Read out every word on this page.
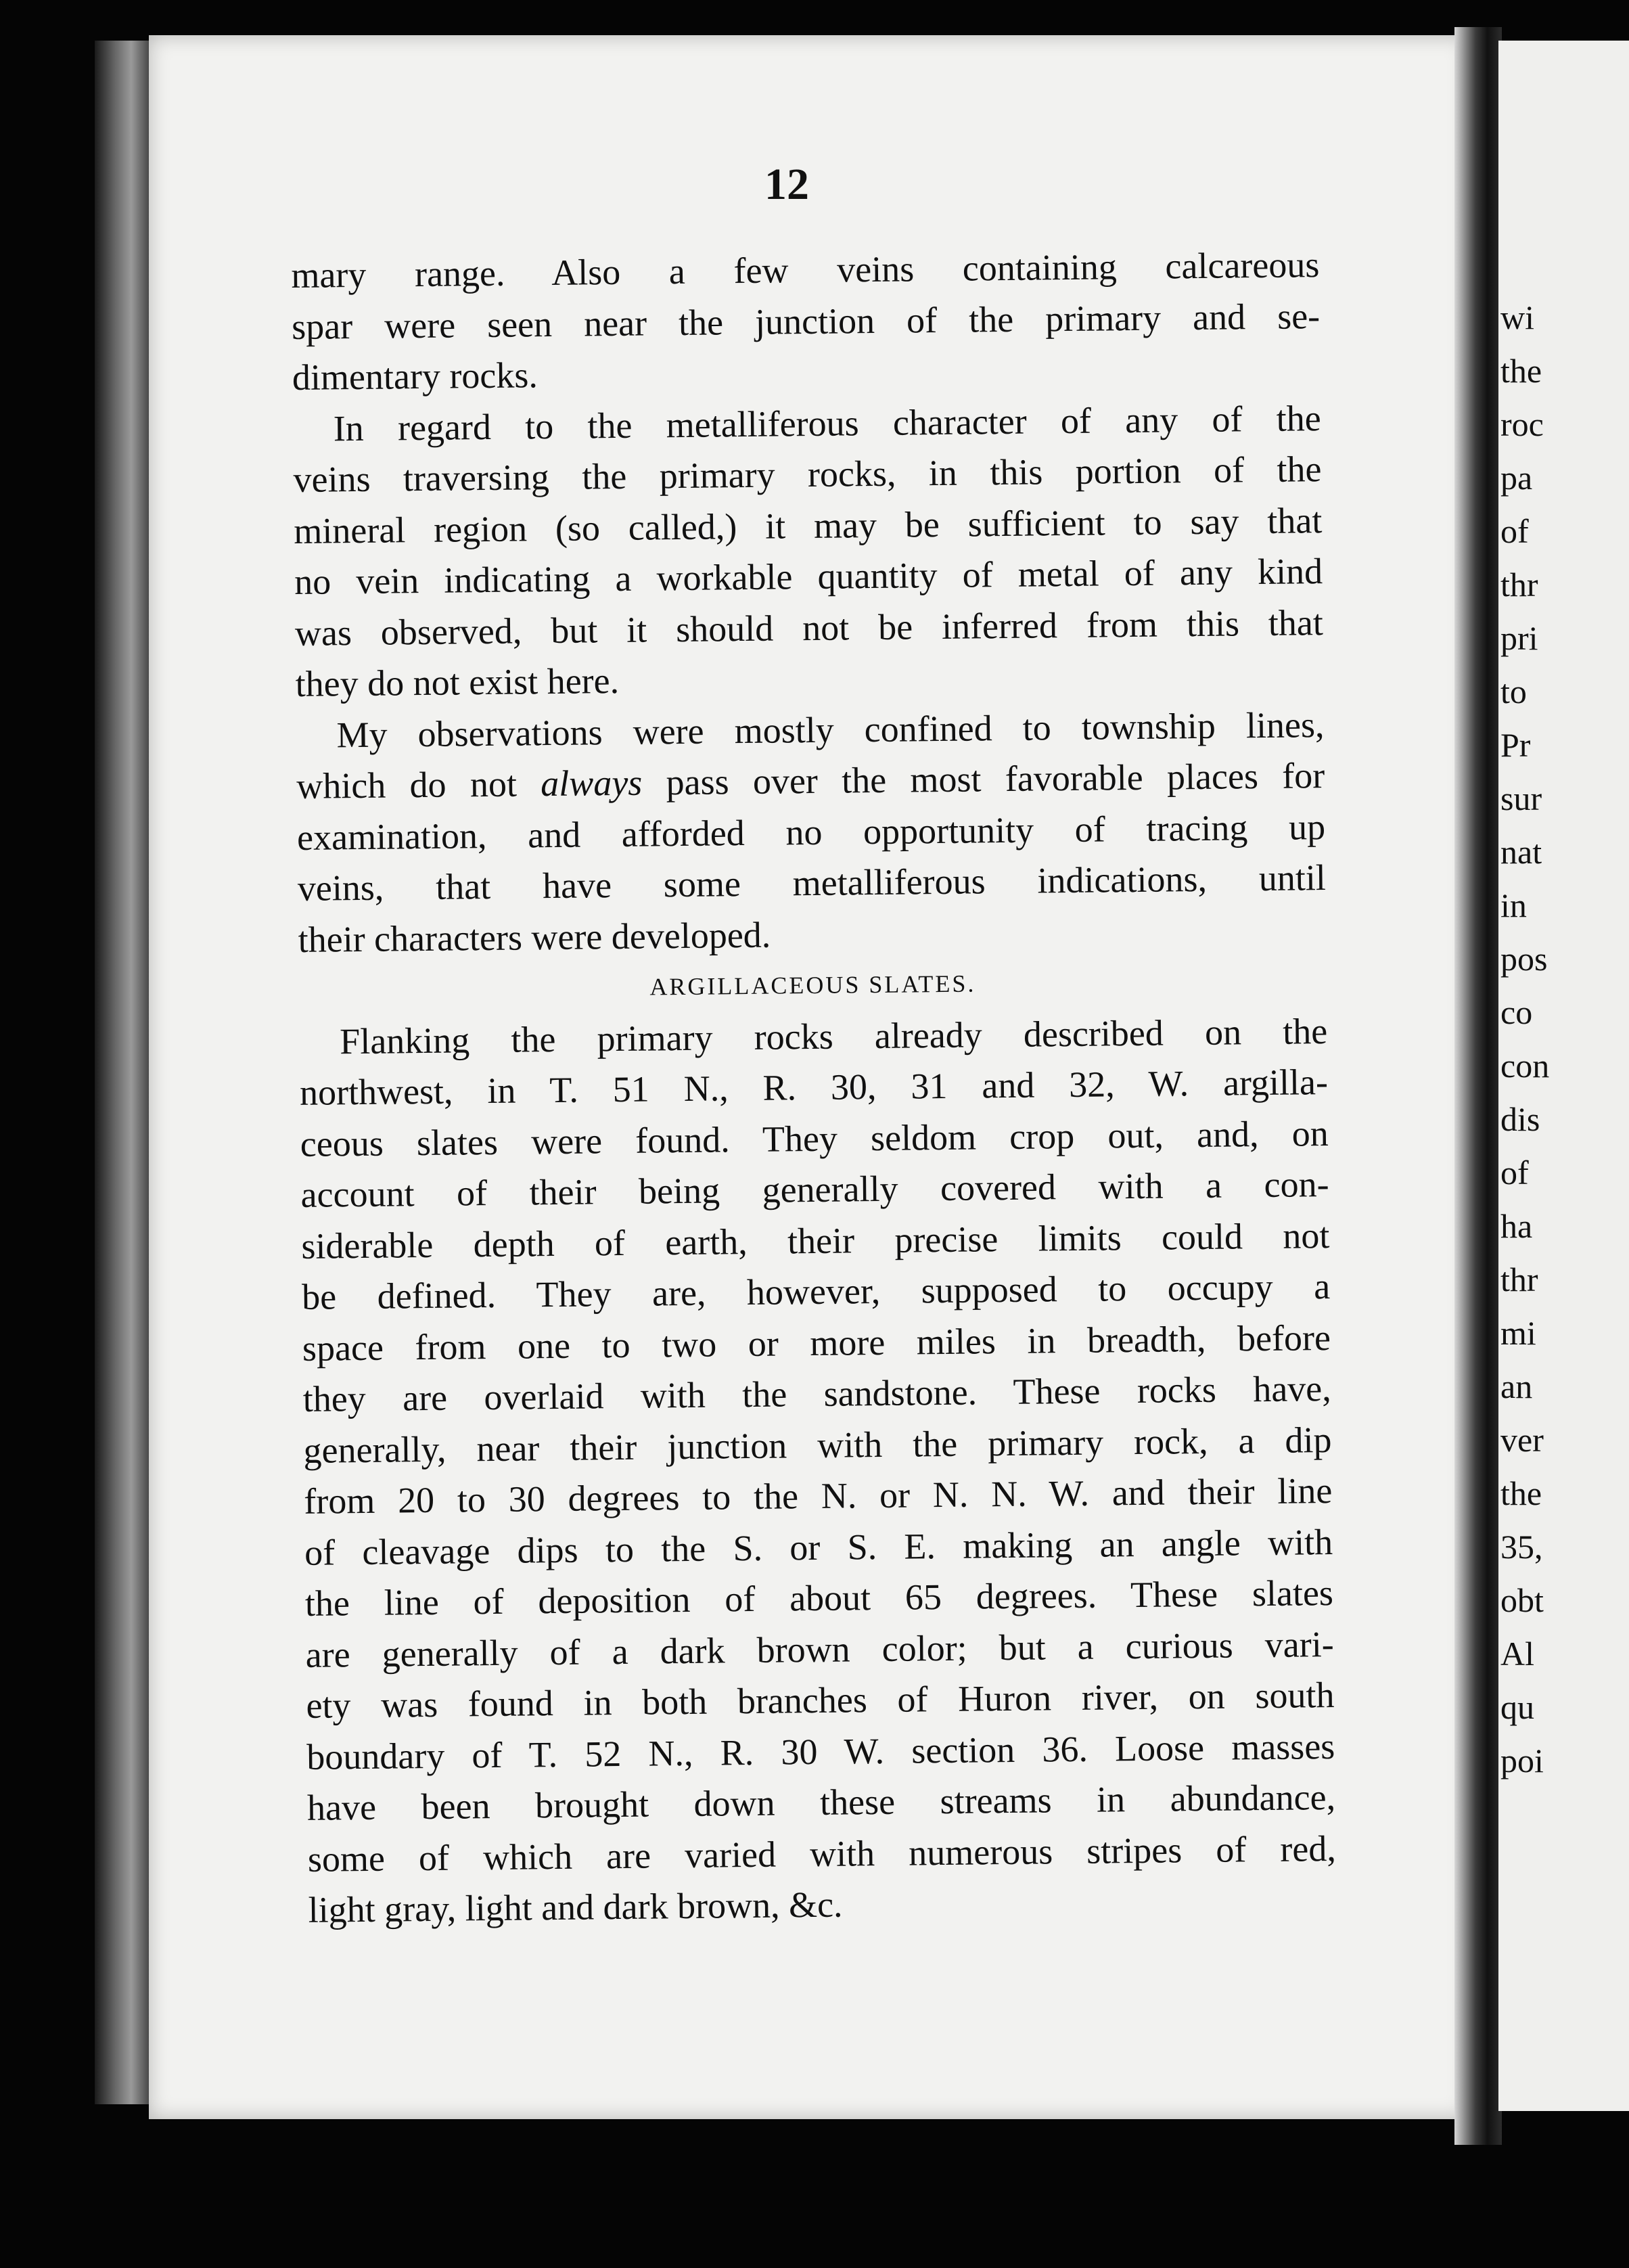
wi
the
roc
pa
of
thr
pri
to
Pr
sur
nat
in
pos
co
con
dis
of
ha
thr
mi
an
ver
the
35,
obt
Al
qu
poi
12
mary range. Also a few veins containing calcareous
spar were seen near the junction of the primary and se-
dimentary rocks.
In regard to the metalliferous character of any of the
veins traversing the primary rocks, in this portion of the
mineral region (so called,) it may be sufficient to say that
no vein indicating a workable quantity of metal of any kind
was observed, but it should not be inferred from this that
they do not exist here.
My observations were mostly confined to township lines,
which do not always pass over the most favorable places for
examination, and afforded no opportunity of tracing up
veins, that have some metalliferous indications, until
their characters were developed.
ARGILLACEOUS SLATES.
Flanking the primary rocks already described on the
northwest, in T. 51 N., R. 30, 31 and 32, W. argilla-
ceous slates were found. They seldom crop out, and, on
account of their being generally covered with a con-
siderable depth of earth, their precise limits could not
be defined. They are, however, supposed to occupy a
space from one to two or more miles in breadth, before
they are overlaid with the sandstone. These rocks have,
generally, near their junction with the primary rock, a dip
from 20 to 30 degrees to the N. or N. N. W. and their line
of cleavage dips to the S. or S. E. making an angle with
the line of deposition of about 65 degrees. These slates
are generally of a dark brown color; but a curious vari-
ety was found in both branches of Huron river, on south
boundary of T. 52 N., R. 30 W. section 36. Loose masses
have been brought down these streams in abundance,
some of which are varied with numerous stripes of red,
light gray, light and dark brown, &c.
